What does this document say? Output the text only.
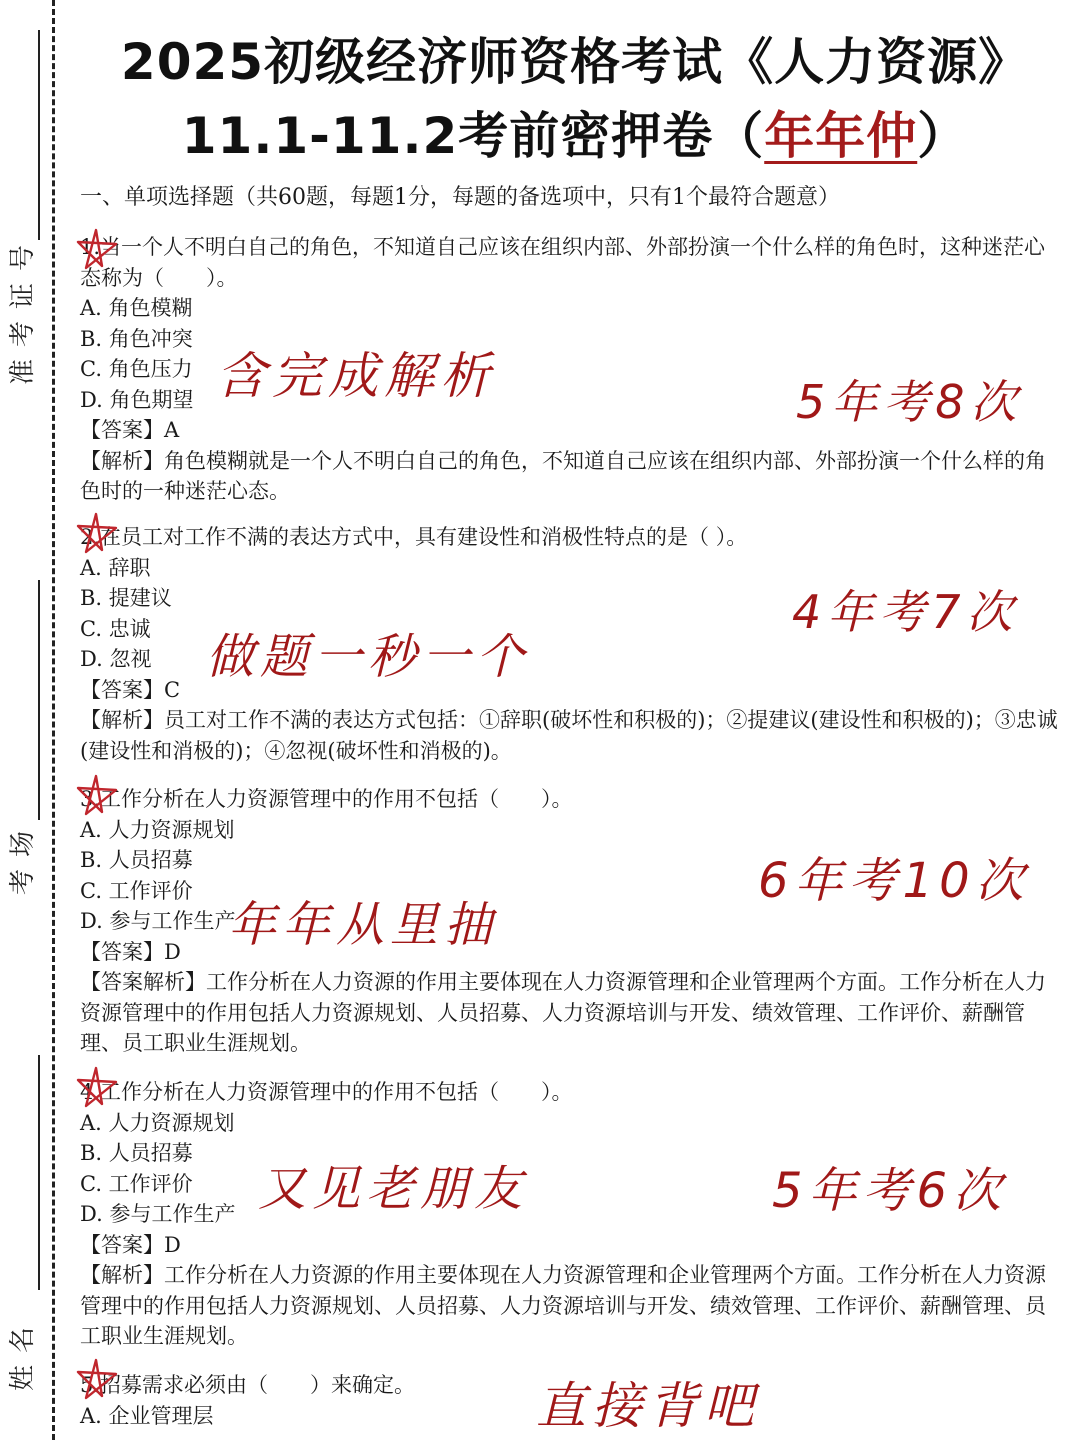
准考证号
考场
姓名
2025初级经济师资格考试《人力资源》
11.1-11.2考前密押卷（年年仲）
一、单项选择题（共60题，每题1分，每题的备选项中，只有1个最符合题意）

1.当一个人不明白自己的角色，不知道自己应该在组织内部、外部扮演一个什么样的角色时，这种迷茫心态称为（　　）。

A. 角色模糊

B. 角色冲突

C. 角色压力

D. 角色期望

【答案】A

【解析】角色模糊就是一个人不明白自己的角色，不知道自己应该在组织内部、外部扮演一个什么样的角色时的一种迷茫心态。

2.在员工对工作不满的表达方式中，具有建设性和消极性特点的是（ ）。

A. 辞职

B. 提建议

C. 忠诚

D. 忽视

【答案】C

【解析】员工对工作不满的表达方式包括：①辞职(破坏性和积极的)；②提建议(建设性和积极的)；③忠诚(建设性和消极的)；④忽视(破坏性和消极的)。

3.工作分析在人力资源管理中的作用不包括（　　）。

A. 人力资源规划

B. 人员招募

C. 工作评价

D. 参与工作生产

【答案】D

【答案解析】工作分析在人力资源的作用主要体现在人力资源管理和企业管理两个方面。工作分析在人力资源管理中的作用包括人力资源规划、人员招募、人力资源培训与开发、绩效管理、工作评价、薪酬管理、员工职业生涯规划。

4.工作分析在人力资源管理中的作用不包括（　　）。

A. 人力资源规划

B. 人员招募

C. 工作评价

D. 参与工作生产

【答案】D

【解析】工作分析在人力资源的作用主要体现在人力资源管理和企业管理两个方面。工作分析在人力资源管理中的作用包括人力资源规划、人员招募、人力资源培训与开发、绩效管理、工作评价、薪酬管理、员工职业生涯规划。

5.招募需求必须由（　　）来确定。

A. 企业管理层

含完成解析	5年考8次
做题一秒一个
4年考7次
年年从里抽
6年考10次
又见老朋友	5年考6次
直接背吧
